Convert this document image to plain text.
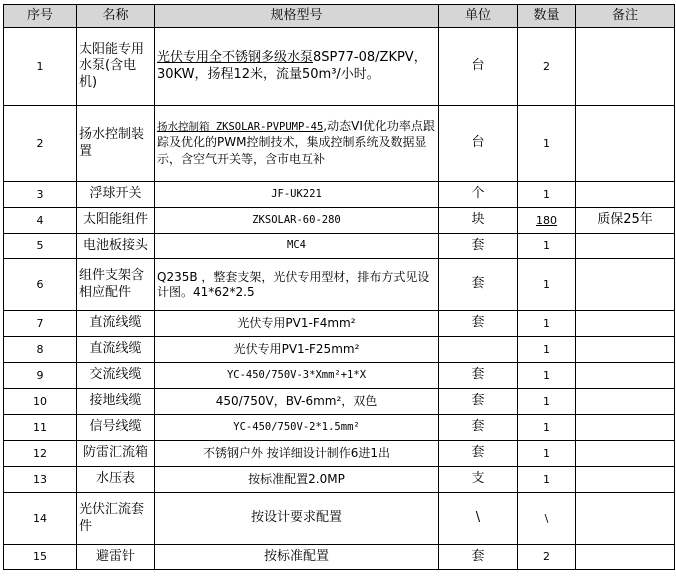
序号	名称	规格型号	单位	数量	备注
1	太阳能专用水泵(含电机)	光伏专用全不锈钢多级水泵8SP77-08/ZKPV，30KW，扬程12米，流量50m³/小时。	台	2	
2	扬水控制装置	扬水控制箱 ZKSOLAR-PVPUMP-45,动态VI优化功率点跟踪及优化的PWM控制技术，集成控制系统及数据显示，含空气开关等，含市电互补	台	1	
3	浮球开关	JF-UK221	个	1	
4	太阳能组件	ZKSOLAR-60-280	块	180	质保25年
5	电池板接头	MC4	套	1	
6	组件支架含相应配件	Q235B ，整套支架，光伏专用型材，排布方式见设计图。41*62*2.5	套	1	
7	直流线缆	光伏专用PV1-F4mm²	套	1	
8	直流线缆	光伏专用PV1-F25mm²		1	
9	交流线缆	YC-450/750V-3*Xmm²+1*X	套	1	
10	接地线缆	450/750V，BV-6mm²，双色	套	1	
11	信号线缆	YC-450/750V-2*1.5mm²	套	1	
12	防雷汇流箱	不锈钢户外 按详细设计制作6进1出	套	1	
13	水压表	按标准配置2.0MP	支	1	
14	光伏汇流套件	按设计要求配置	\	\	
15	避雷针	按标准配置	套	2	
